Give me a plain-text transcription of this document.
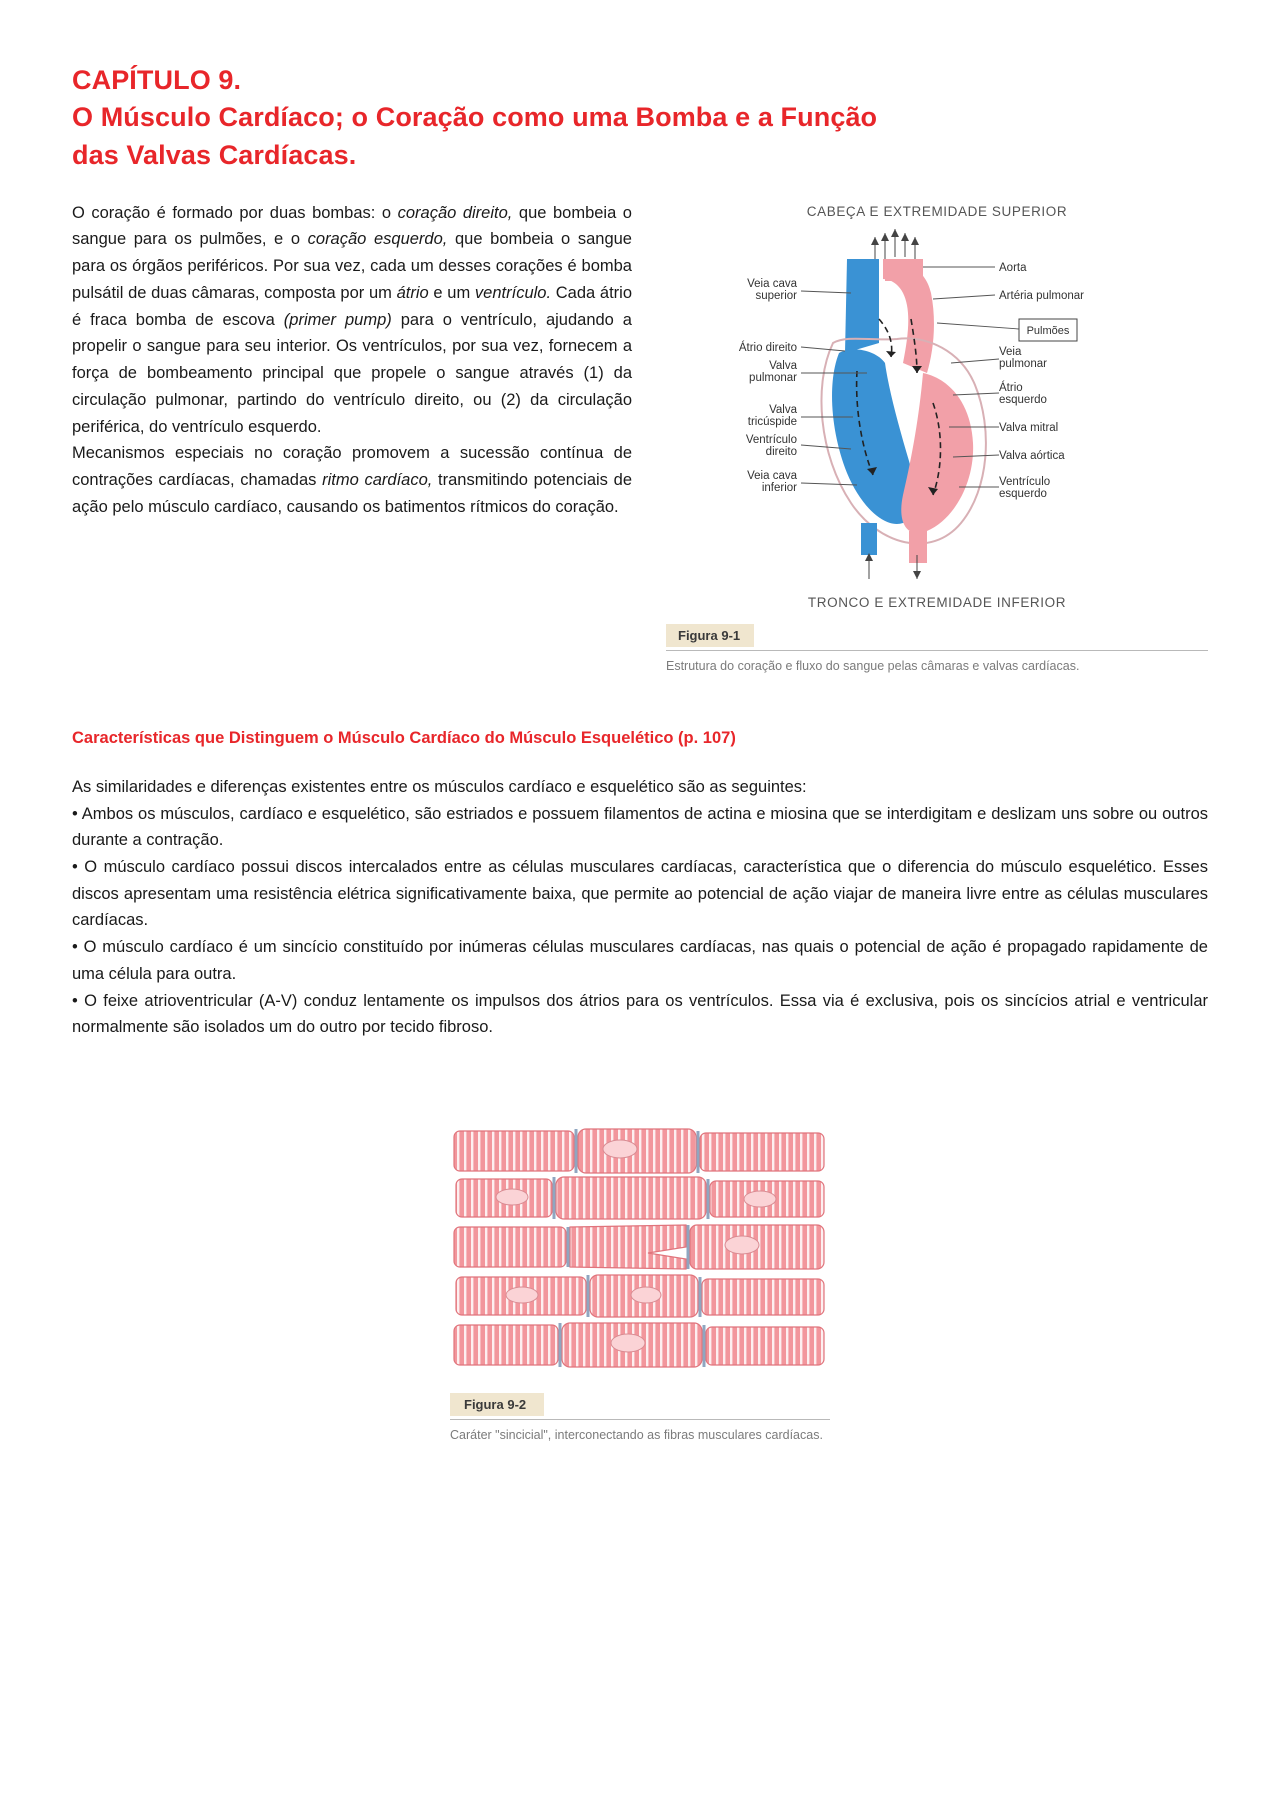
CAPÍTULO 9.
O Músculo Cardíaco; o Coração como uma Bomba e a Função
das Valvas Cardíacas.

O coração é formado por duas bombas: o coração direito, que bombeia o sangue para os pulmões, e o coração esquerdo, que bombeia o sangue para os órgãos periféricos. Por sua vez, cada um desses corações é bomba pulsátil de duas câmaras, composta por um átrio e um ventrículo. Cada átrio é fraca bomba de escova (primer pump) para o ventrículo, ajudando a propelir o sangue para seu interior. Os ventrículos, por sua vez, fornecem a força de bombeamento principal que propele o sangue através (1) da circulação pulmonar, partindo do ventrículo direito, ou (2) da circulação periférica, do ventrículo esquerdo.

Mecanismos especiais no coração promovem a sucessão contínua de contrações cardíacas, chamadas ritmo cardíaco, transmitindo potenciais de ação pelo músculo cardíaco, causando os batimentos rítmicos do coração.

CABEÇA E EXTREMIDADE SUPERIOR
Pulmões
Veia cava
superior
Átrio direito
Valva
pulmonar
Valva
tricúspide
Ventrículo
direito
Veia cava
inferior
Aorta
Artéria pulmonar
Veia
pulmonar
Átrio
esquerdo
Valva mitral
Valva aórtica
Ventrículo
esquerdo
TRONCO E EXTREMIDADE INFERIOR
Figura 9-1
Estrutura do coração e fluxo do sangue pelas câmaras e valvas cardíacas.
Características que Distinguem o Músculo Cardíaco do Músculo Esquelético (p. 107)

As similaridades e diferenças existentes entre os músculos cardíaco e esquelético são as seguintes:

• Ambos os músculos, cardíaco e esquelético, são estriados e possuem filamentos de actina e miosina que se interdigitam e deslizam uns sobre ou outros durante a contração.

• O músculo cardíaco possui discos intercalados entre as células musculares cardíacas, característica que o diferencia do músculo esquelético. Esses discos apresentam uma resistência elétrica significativamente baixa, que permite ao potencial de ação viajar de maneira livre entre as células musculares cardíacas.

• O músculo cardíaco é um sincício constituído por inúmeras células musculares cardíacas, nas quais o potencial de ação é propagado rapidamente de uma célula para outra.

• O feixe atrioventricular (A-V) conduz lentamente os impulsos dos átrios para os ventrículos. Essa via é exclusiva, pois os sincícios atrial e ventricular normalmente são isolados um do outro por tecido fibroso.

Figura 9-2
Caráter "sincicial", interconectando as fibras musculares cardíacas.
